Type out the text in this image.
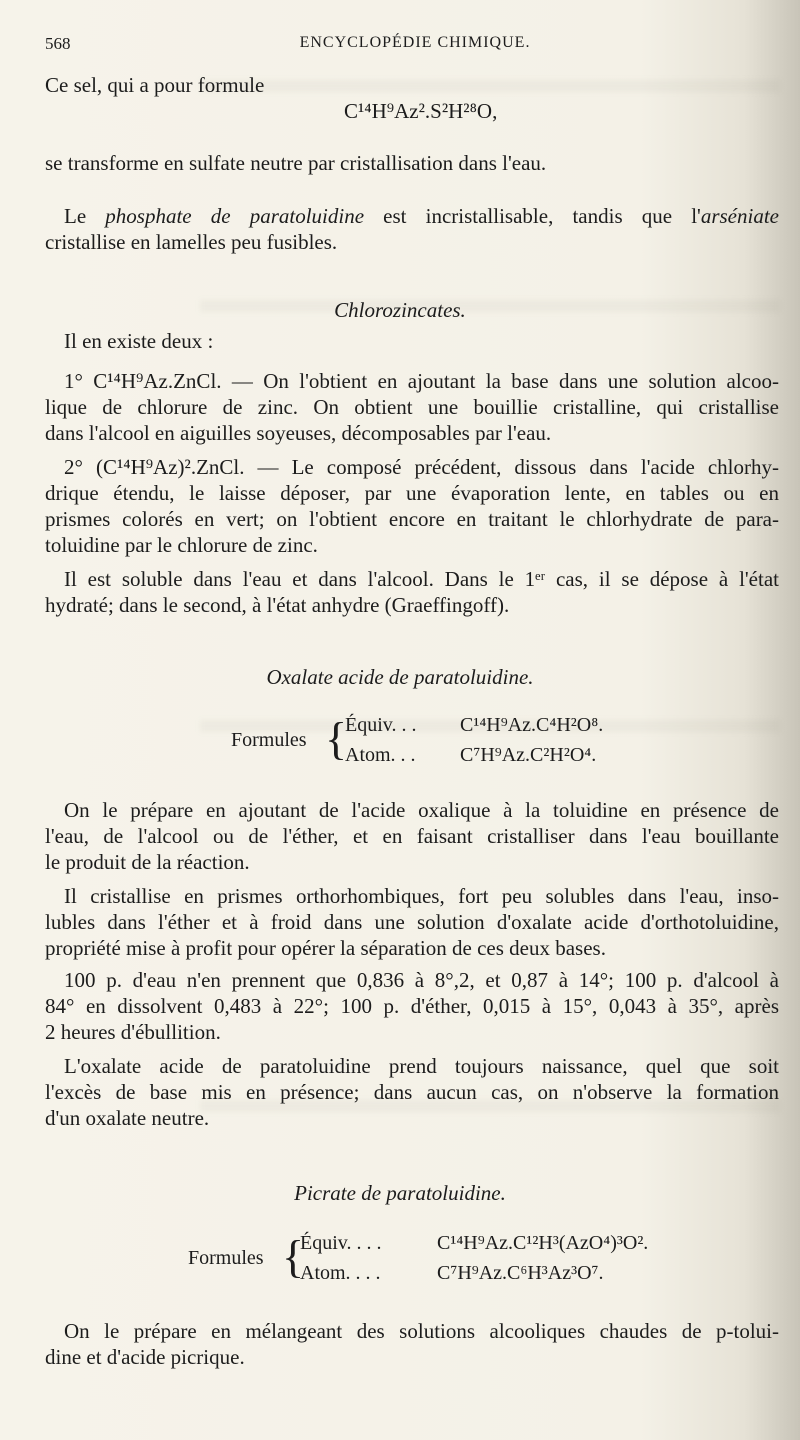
568	ENCYCLOPÉDIE CHIMIQUE.
Ce sel, qui a pour formule
C¹⁴H⁹Az².S²H²⁸O,
se transforme en sulfate neutre par cristallisation dans l'eau.
Le phosphate de paratoluidine est incristallisable, tandis que l'arséniate
cristallise en lamelles peu fusibles.
Chlorozincates.
Il en existe deux :
1° C¹⁴H⁹Az.ZnCl. — On l'obtient en ajoutant la base dans une solution alcoo-
lique de chlorure de zinc. On obtient une bouillie cristalline, qui cristallise
dans l'alcool en aiguilles soyeuses, décomposables par l'eau.
2° (C¹⁴H⁹Az)².ZnCl. — Le composé précédent, dissous dans l'acide chlorhy-
drique étendu, le laisse déposer, par une évaporation lente, en tables ou en
prismes colorés en vert; on l'obtient encore en traitant le chlorhydrate de para-
toluidine par le chlorure de zinc.
Il est soluble dans l'eau et dans l'alcool. Dans le 1ᵉʳ cas, il se dépose à l'état
hydraté; dans le second, à l'état anhydre (Graeffingoff).
Oxalate acide de paratoluidine.
Formules {
Équiv. . . C¹⁴H⁹Az.C⁴H²O⁸.
Atom. . . C⁷H⁹Az.C²H²O⁴.
On le prépare en ajoutant de l'acide oxalique à la toluidine en présence de
l'eau, de l'alcool ou de l'éther, et en faisant cristalliser dans l'eau bouillante
le produit de la réaction.
Il cristallise en prismes orthorhombiques, fort peu solubles dans l'eau, inso-
lubles dans l'éther et à froid dans une solution d'oxalate acide d'orthotoluidine,
propriété mise à profit pour opérer la séparation de ces deux bases.
100 p. d'eau n'en prennent que 0,836 à 8°,2, et 0,87 à 14°; 100 p. d'alcool à
84° en dissolvent 0,483 à 22°; 100 p. d'éther, 0,015 à 15°, 0,043 à 35°, après
2 heures d'ébullition.
L'oxalate acide de paratoluidine prend toujours naissance, quel que soit
l'excès de base mis en présence; dans aucun cas, on n'observe la formation
d'un oxalate neutre.
Picrate de paratoluidine.
Formules {
Équiv. . . .	C¹⁴H⁹Az.C¹²H³(AzO⁴)³O².
Atom. . . .	C⁷H⁹Az.C⁶H³Az³O⁷.
On le prépare en mélangeant des solutions alcooliques chaudes de p-tolui-
dine et d'acide picrique.
